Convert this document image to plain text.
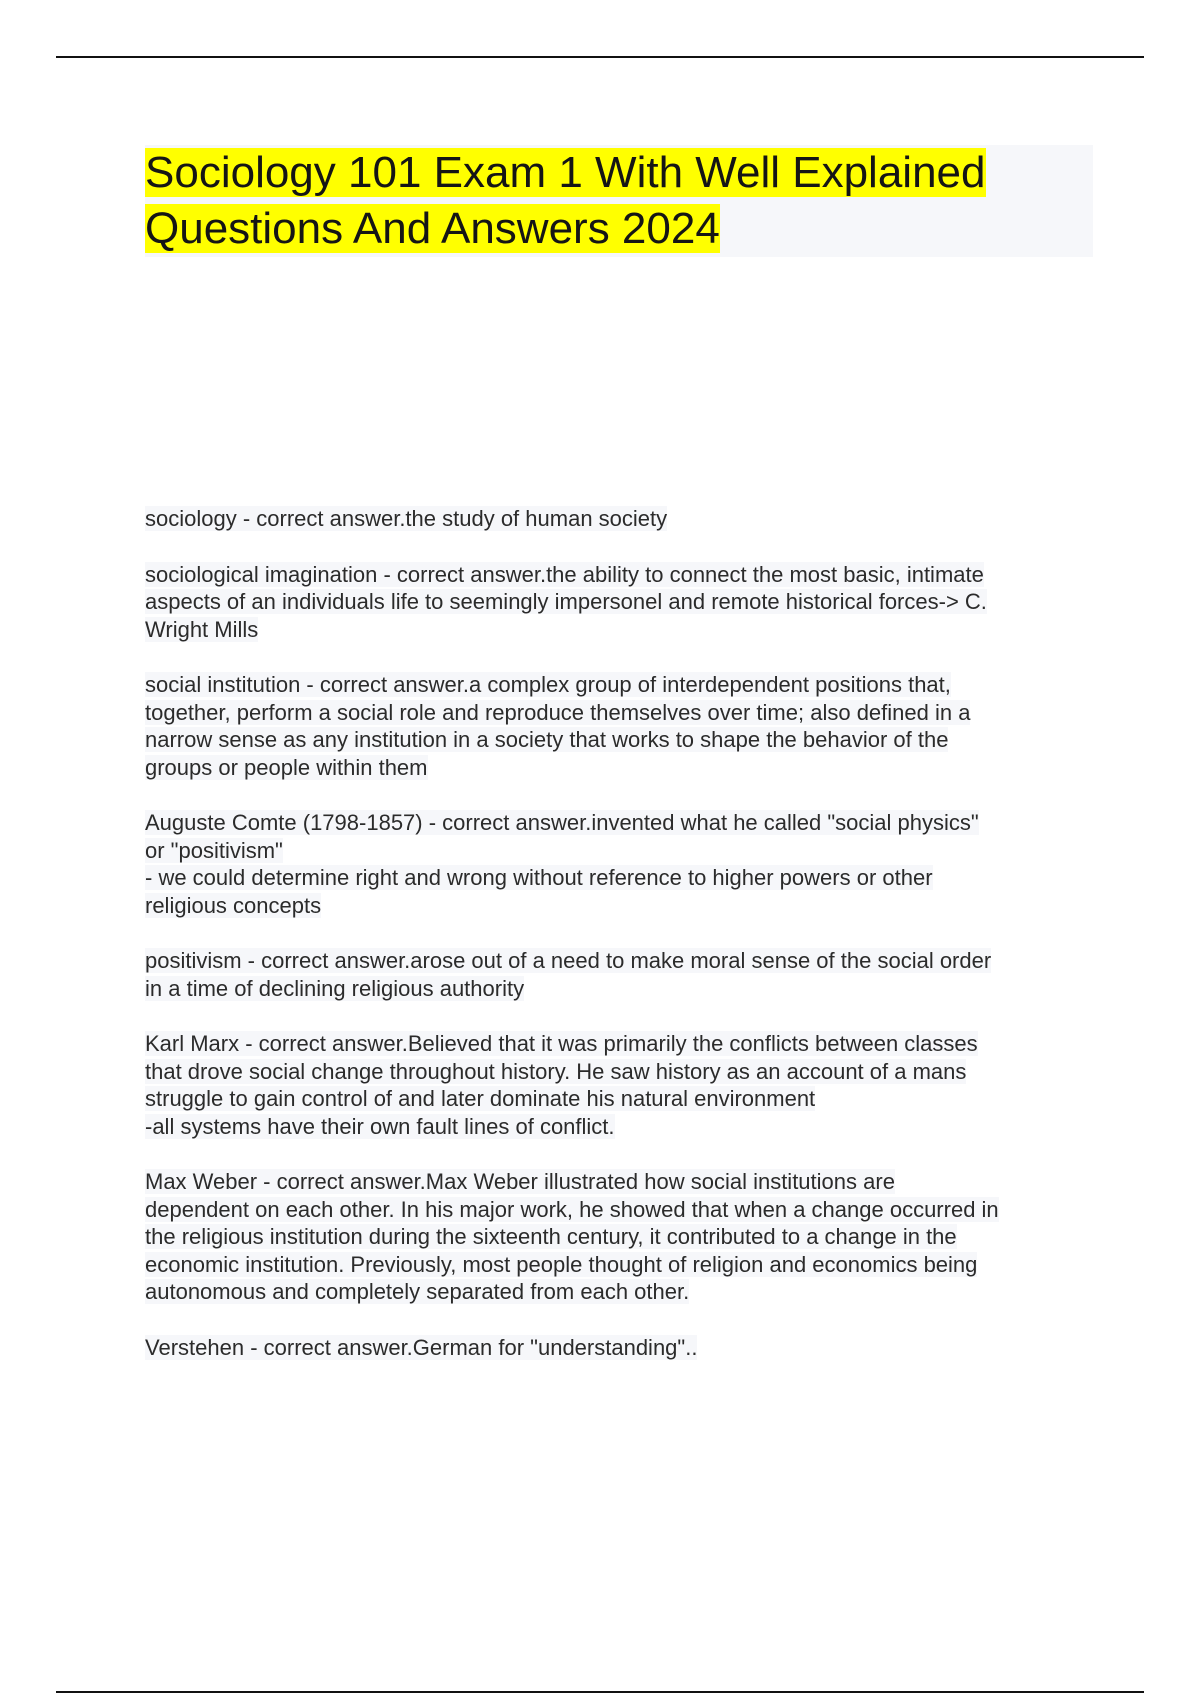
Sociology 101 Exam 1 With Well Explained
Questions And Answers 2024

sociology - correct answer.the study of human society

sociological imagination - correct answer.the ability to connect the most basic, intimate
aspects of an individuals life to seemingly impersonel and remote historical forces-> C.
Wright Mills

social institution - correct answer.a complex group of interdependent positions that,
together, perform a social role and reproduce themselves over time; also defined in a
narrow sense as any institution in a society that works to shape the behavior of the
groups or people within them

Auguste Comte (1798-1857) - correct answer.invented what he called "social physics"
or "positivism"
- we could determine right and wrong without reference to higher powers or other
religious concepts

positivism - correct answer.arose out of a need to make moral sense of the social order
in a time of declining religious authority

Karl Marx - correct answer.Believed that it was primarily the conflicts between classes
that drove social change throughout history. He saw history as an account of a mans
struggle to gain control of and later dominate his natural environment
-all systems have their own fault lines of conflict.

Max Weber - correct answer.Max Weber illustrated how social institutions are
dependent on each other. In his major work, he showed that when a change occurred in
the religious institution during the sixteenth century, it contributed to a change in the
economic institution. Previously, most people thought of religion and economics being
autonomous and completely separated from each other.

Verstehen - correct answer.German for "understanding"..
